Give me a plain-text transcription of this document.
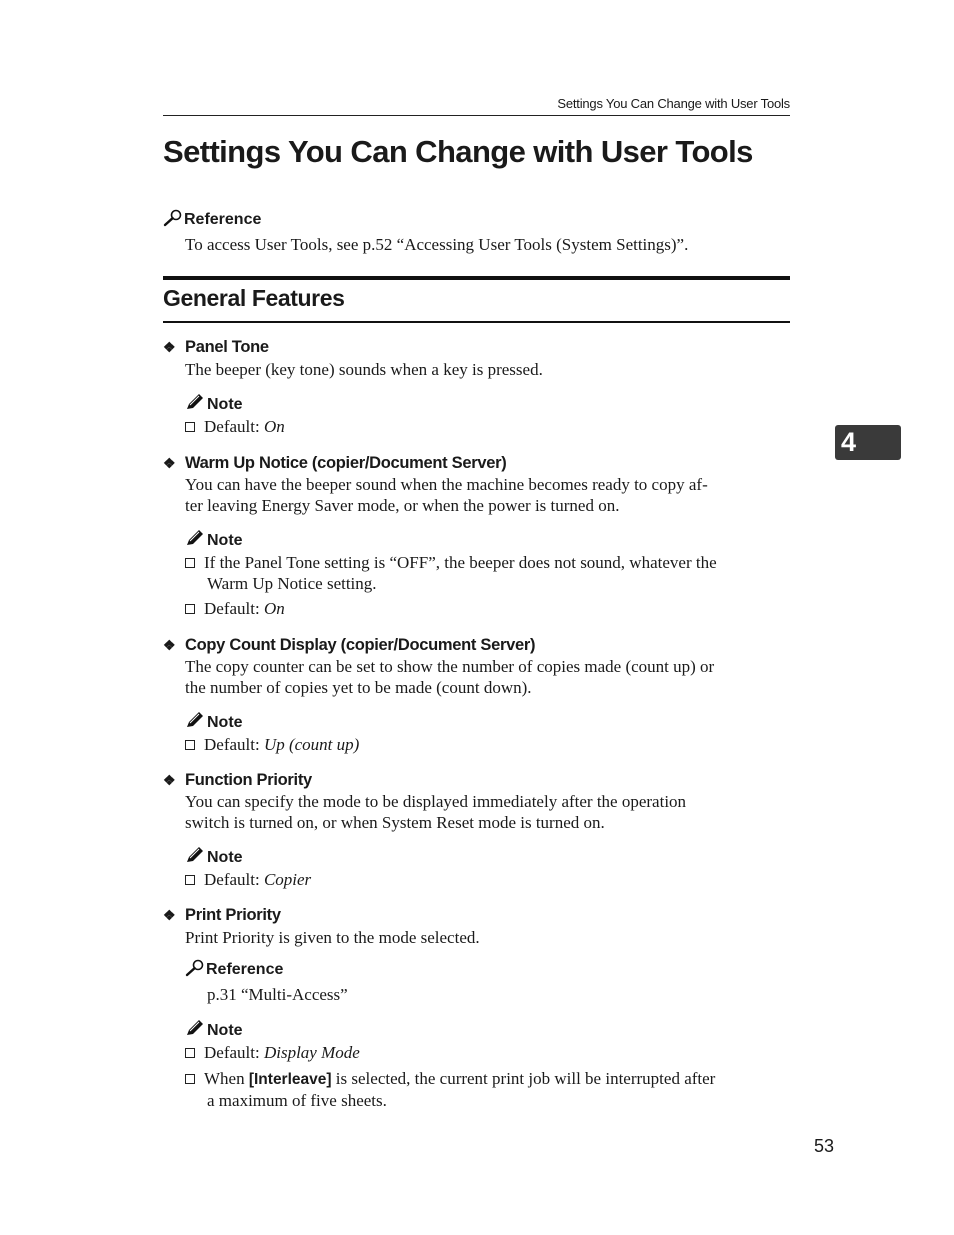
Settings You Can Change with User Tools
Settings You Can Change with User Tools
Reference
To access User Tools, see p.52 “Accessing User Tools (System Settings)”.
General Features
❖ Panel Tone
The beeper (key tone) sounds when a key is pressed.
Note
Default: On
❖ Warm Up Notice (copier/Document Server)
You can have the beeper sound when the machine becomes ready to copy af-
ter leaving Energy Saver mode, or when the power is turned on.
Note
If the Panel Tone setting is “OFF”, the beeper does not sound, whatever the
Warm Up Notice setting.
Default: On
❖ Copy Count Display (copier/Document Server)
The copy counter can be set to show the number of copies made (count up) or
the number of copies yet to be made (count down).
Note
Default: Up (count up)
❖ Function Priority
You can specify the mode to be displayed immediately after the operation
switch is turned on, or when System Reset mode is turned on.
Note
Default: Copier
❖ Print Priority
Print Priority is given to the mode selected.
Reference
p.31 “Multi-Access”
Note
Default: Display Mode
When [Interleave] is selected, the current print job will be interrupted after
a maximum of five sheets.
4
53
